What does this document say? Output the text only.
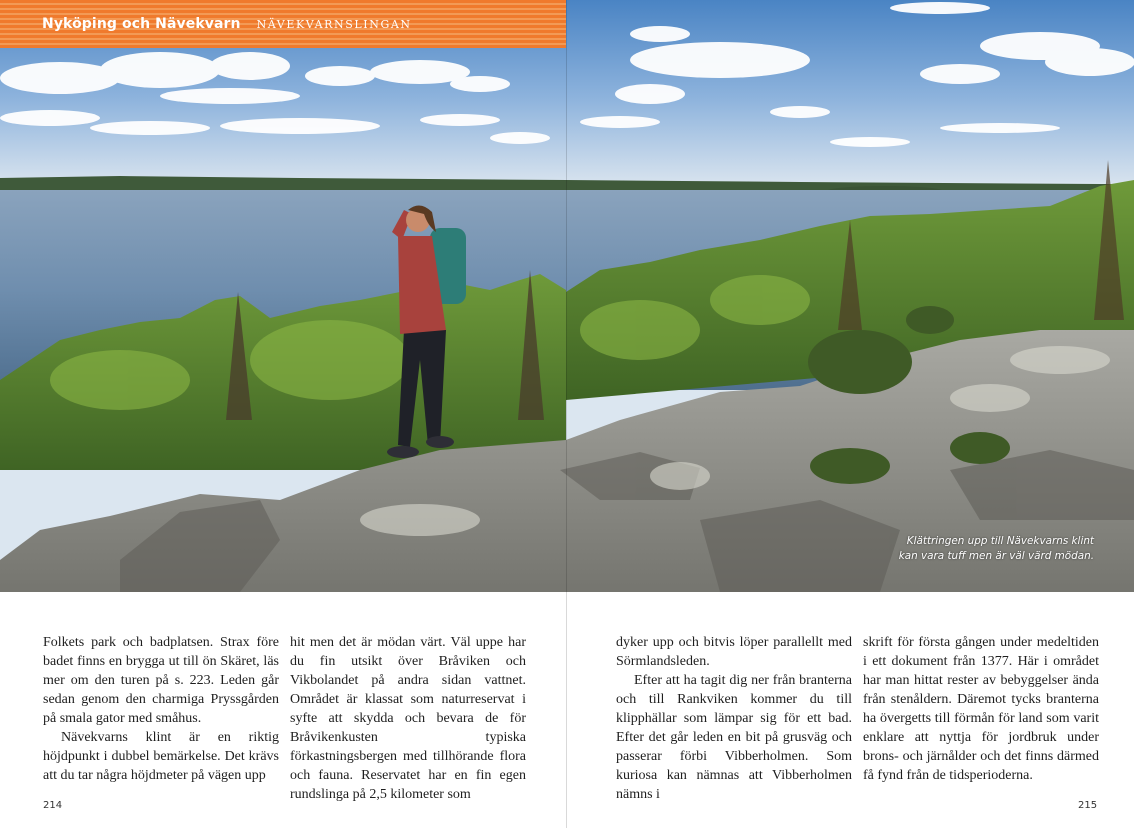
Nyköping och Nävekvarn NÄVEKVARNSLINGAN
Klättringen upp till Nävekvarns klint
kan vara tuff men är väl värd mödan.

Folkets park och badplatsen. Strax före badet finns en brygga ut till ön Skäret, läs mer om den turen på s. 223. Leden går sedan genom den charmiga Pryssgården på smala gator med småhus.

Nävekvarns klint är en riktig höjdpunkt i dubbel bemärkelse. Det krävs att du tar några höjdmeter på vägen upp

hit men det är mödan värt. Väl uppe har du fin utsikt över Bråviken och Vikbolandet på andra sidan vattnet. Området är klassat som naturreservat i syfte att skydda och bevara de för Bråvikenkusten typiska förkastningsbergen med tillhörande flora och fauna. Reservatet har en fin egen rundslinga på 2,5 kilometer som

dyker upp och bitvis löper parallellt med Sörmlandsleden.

Efter att ha tagit dig ner från branterna och till Rankviken kommer du till klipphällar som lämpar sig för ett bad. Efter det går leden en bit på grusväg och passerar förbi Vibberholmen. Som kuriosa kan nämnas att Vibberholmen nämns i

skrift för första gången under medeltiden i ett dokument från 1377. Här i området har man hittat rester av bebyggelser ända från stenåldern. Däremot tycks branterna ha övergetts till förmån för land som varit enklare att nyttja för jordbruk under brons- och järnålder och det finns därmed få fynd från de tidsperioderna.

214	215
